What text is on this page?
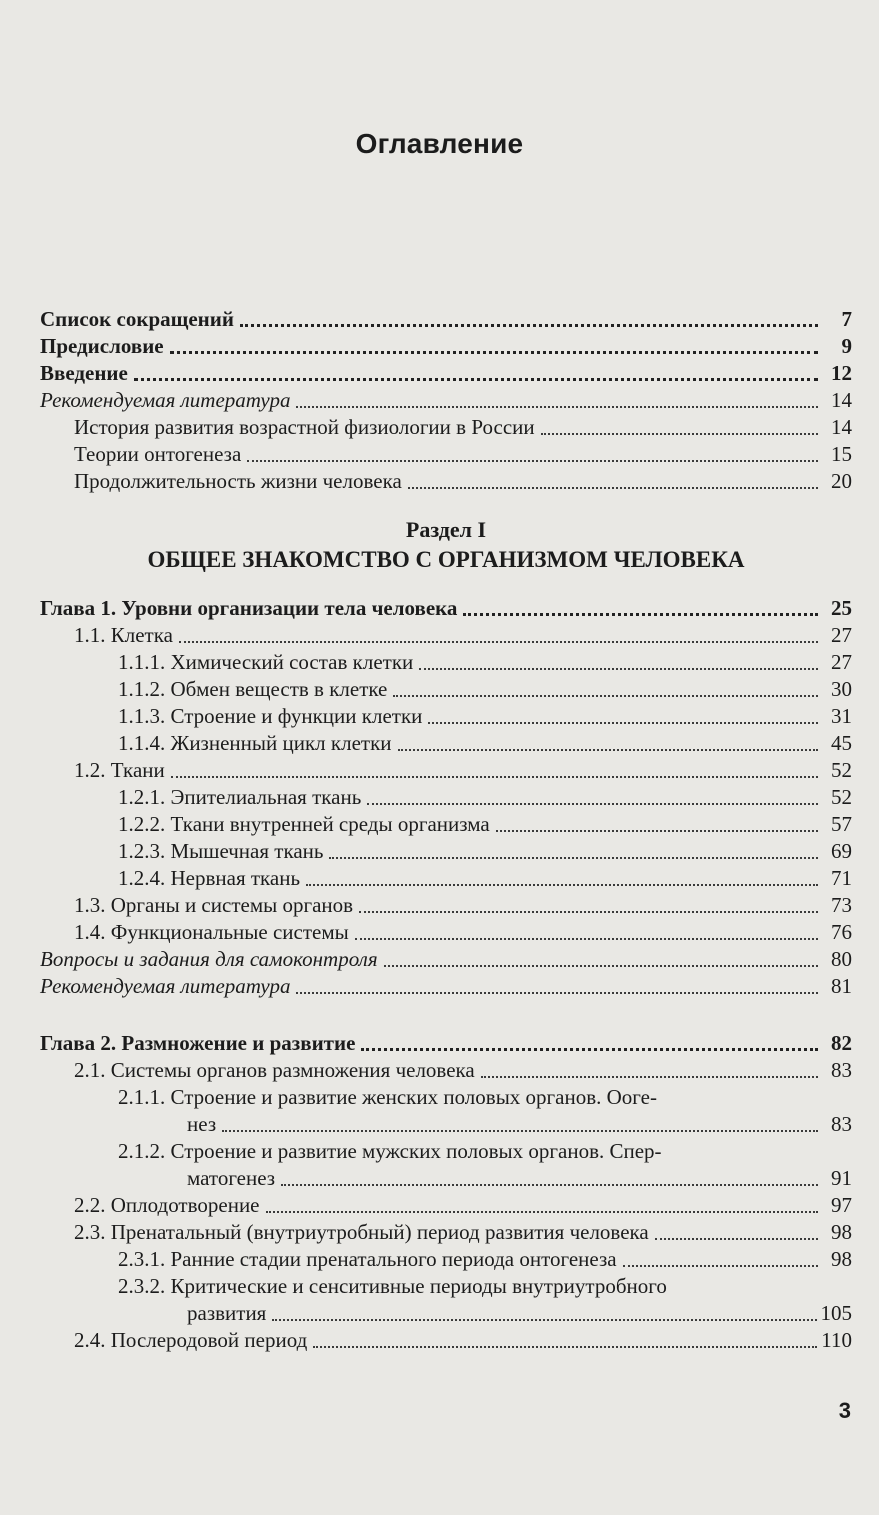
Оглавление
Список сокращений	7
Предисловие	9
Введение	12
Рекомендуемая литература	14
История развития возрастной физиологии в России	14
Теории онтогенеза	15
Продолжительность жизни человека	20
Раздел I
ОБЩЕЕ ЗНАКОМСТВО С ОРГАНИЗМОМ ЧЕЛОВЕКА
Глава 1. Уровни организации тела человека	25
1.1. Клетка	27
1.1.1. Химический состав клетки	27
1.1.2. Обмен веществ в клетке	30
1.1.3. Строение и функции клетки	31
1.1.4. Жизненный цикл клетки	45
1.2. Ткани	52
1.2.1. Эпителиальная ткань	52
1.2.2. Ткани внутренней среды организма	57
1.2.3. Мышечная ткань	69
1.2.4. Нервная ткань	71
1.3. Органы и системы органов	73
1.4. Функциональные системы	76
Вопросы и задания для самоконтроля	80
Рекомендуемая литература	81
Глава 2. Размножение и развитие	82
2.1. Системы органов размножения человека	83
2.1.1. Строение и развитие женских половых органов. Ooге-
нез	83
2.1.2. Строение и развитие мужских половых органов. Спер-
матогенез	91
2.2. Оплодотворение	97
2.3. Пренатальный (внутриутробный) период развития человека	98
2.3.1. Ранние стадии пренатального периода онтогенеза	98
2.3.2. Критические и сенситивные периоды внутриутробного
развития	105
2.4. Послеродовой период	110
3
